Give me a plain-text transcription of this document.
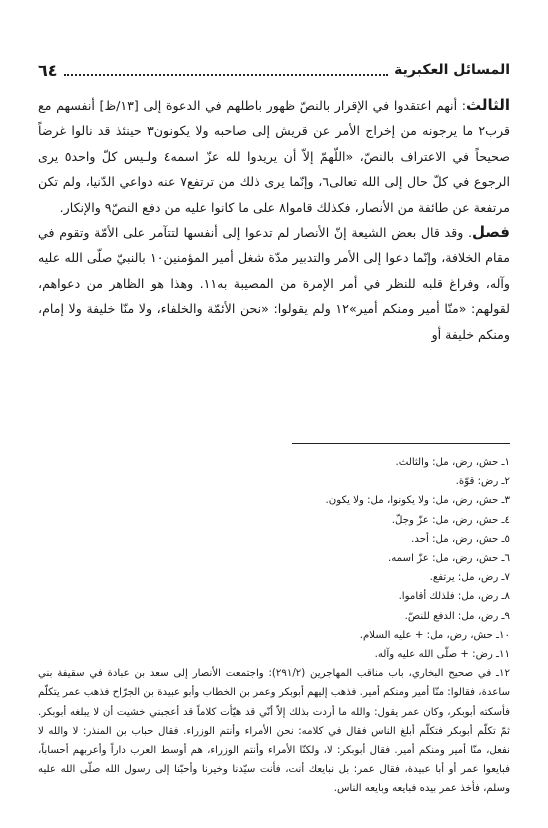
المسائل العكبرية
٦٤

الثالث: أنهم اعتقدوا في الإقرار بالنصّ ظهور باطلهم في الدعوة إلى [١٣/ظ] أنفسهم مع قرب٢ ما يرجونه من إخراج الأمر عن قريش إلى صاحبه ولا يكونون٣ حينئذ قد نالوا غرضاً صحيحاً في الاعتراف بالنصّ، «اللّهمّ إلاّ أن يريدوا لله عزّ اسمه٤ ولـيس كلّ واحد٥ يرى الرجوع في كلّ حال إلى الله تعالى٦، وإنّما يرى ذلك من ترتفع٧ عنه دواعي الدّنيا، ولم تكن مرتفعة عن طائفة من الأنصار، فكذلك قاموا٨ على ما كانوا عليه من دفع النصّ٩ والإنكار.

فصل. وقد قال بعض الشيعة إنّ الأنصار لم تدعوا إلى أنفسها لتتآمر على الأمّة وتقوم في مقام الخلافة، وإنّما دعوا إلى الأمر والتدبير مدّة شغل أمير المؤمنين١٠ بالنبيّ صلّى الله عليه وآله، وفراغ قلبه للنظر في أمر الإمرة من المصيبة به١١. وهذا هو الظاهر من دعواهم، لقولهم: «منّا أمير ومنكم أمير»١٢ ولم يقولوا: «نحن الأئمّة والخلفاء، ولا منّا خليفة ولا إمام، ومنكم خليفة أو

١ـ حش، رض، مل: والثالث.
٢ـ رض: قوّة.
٣ـ حش، رض، مل: ولا يكونوا، مل: ولا يكون.
٤ـ حش، رض، مل: عزّ وجلّ.
٥ـ حش، رض، مل: أحد.
٦ـ حش، رض، مل: عزّ اسمه.
٧ـ رض، مل: يرتفع.
٨ـ رض، مل: فلذلك أقاموا.
٩ـ رض، مل: الدفع للنصّ.
١٠ـ حش، رض، مل: + عليه السلام.
١١ـ رض: + صلّى الله عليه وآله.
١٢ـ في صحيح البخاري، باب مناقب المهاجرين (٢٩١/٢): واجتمعت الأنصار إلى سعد بن عبادة في سقيفة بني ساعدة، فقالوا: منّا أمير ومنكم أمير. فذهب إليهم أبوبكر وعمر بن الخطاب وأبو عبيدة بن الجرّاح فذهب عمر يتكلّم فأسكته أبوبكر، وكان عمر يقول: والله ما أردت بذلك إلاّ أنّي قد هيّأت كلاماً قد أعجبني خشيت أن لا يبلغه أبوبكر. ثمّ تكلّم أبوبكر فتكلّم أبلغ الناس فقال في كلامه: نحن الأمراء وأنتم الوزراء. فقال حباب بن المنذر: لا والله لا نفعل، منّا أمير ومنكم أمير. فقال أبوبكر: لا، ولكنّا الأمراء وأنتم الوزراء، هم أوسط العرب داراً وأعربهم أحساباً، فبايعوا عمر أو أبا عبيدة، فقال عمر: بل نبايعك أنت، فأنت سيّدنا وخيرنا وأحبّنا إلى رسول الله صلّى الله عليه وسلم، فأخذ عمر بيده فبايعه وبايعه الناس.
